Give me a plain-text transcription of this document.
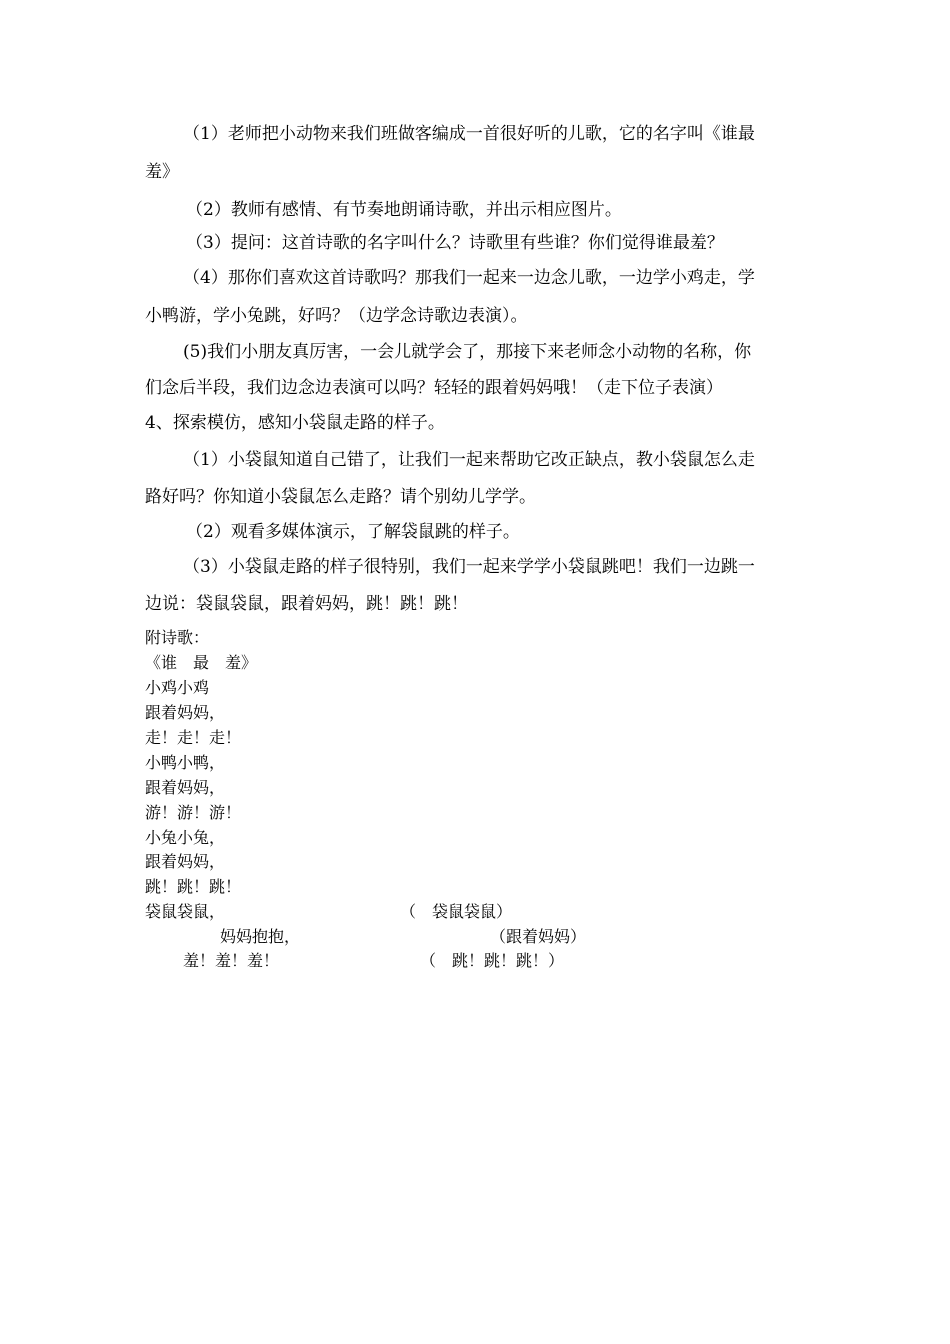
（1）老师把小动物来我们班做客编成一首很好听的儿歌，它的名字叫《谁最
羞》
（2）教师有感情、有节奏地朗诵诗歌，并出示相应图片。
（3）提问：这首诗歌的名字叫什么？诗歌里有些谁？你们觉得谁最羞？
（4）那你们喜欢这首诗歌吗？那我们一起来一边念儿歌，一边学小鸡走，学
小鸭游，学小兔跳，好吗？（边学念诗歌边表演）。
(5)我们小朋友真厉害，一会儿就学会了，那接下来老师念小动物的名称，你
们念后半段，我们边念边表演可以吗？轻轻的跟着妈妈哦！（走下位子表演）
4、探索模仿，感知小袋鼠走路的样子。
（1）小袋鼠知道自己错了，让我们一起来帮助它改正缺点，教小袋鼠怎么走
路好吗？你知道小袋鼠怎么走路？请个别幼儿学学。
（2）观看多媒体演示，了解袋鼠跳的样子。
（3）小袋鼠走路的样子很特别，我们一起来学学小袋鼠跳吧！我们一边跳一
边说：袋鼠袋鼠，跟着妈妈，跳！跳！跳！
附诗歌：
《谁　最　羞》
小鸡小鸡
跟着妈妈，
走！走！走！
小鸭小鸭，
跟着妈妈，
游！游！游！
小兔小兔，
跟着妈妈，
跳！跳！跳！
袋鼠袋鼠，
妈妈抱抱，
羞！羞！羞！
（　袋鼠袋鼠）
（跟着妈妈）
（　跳！跳！跳！）
